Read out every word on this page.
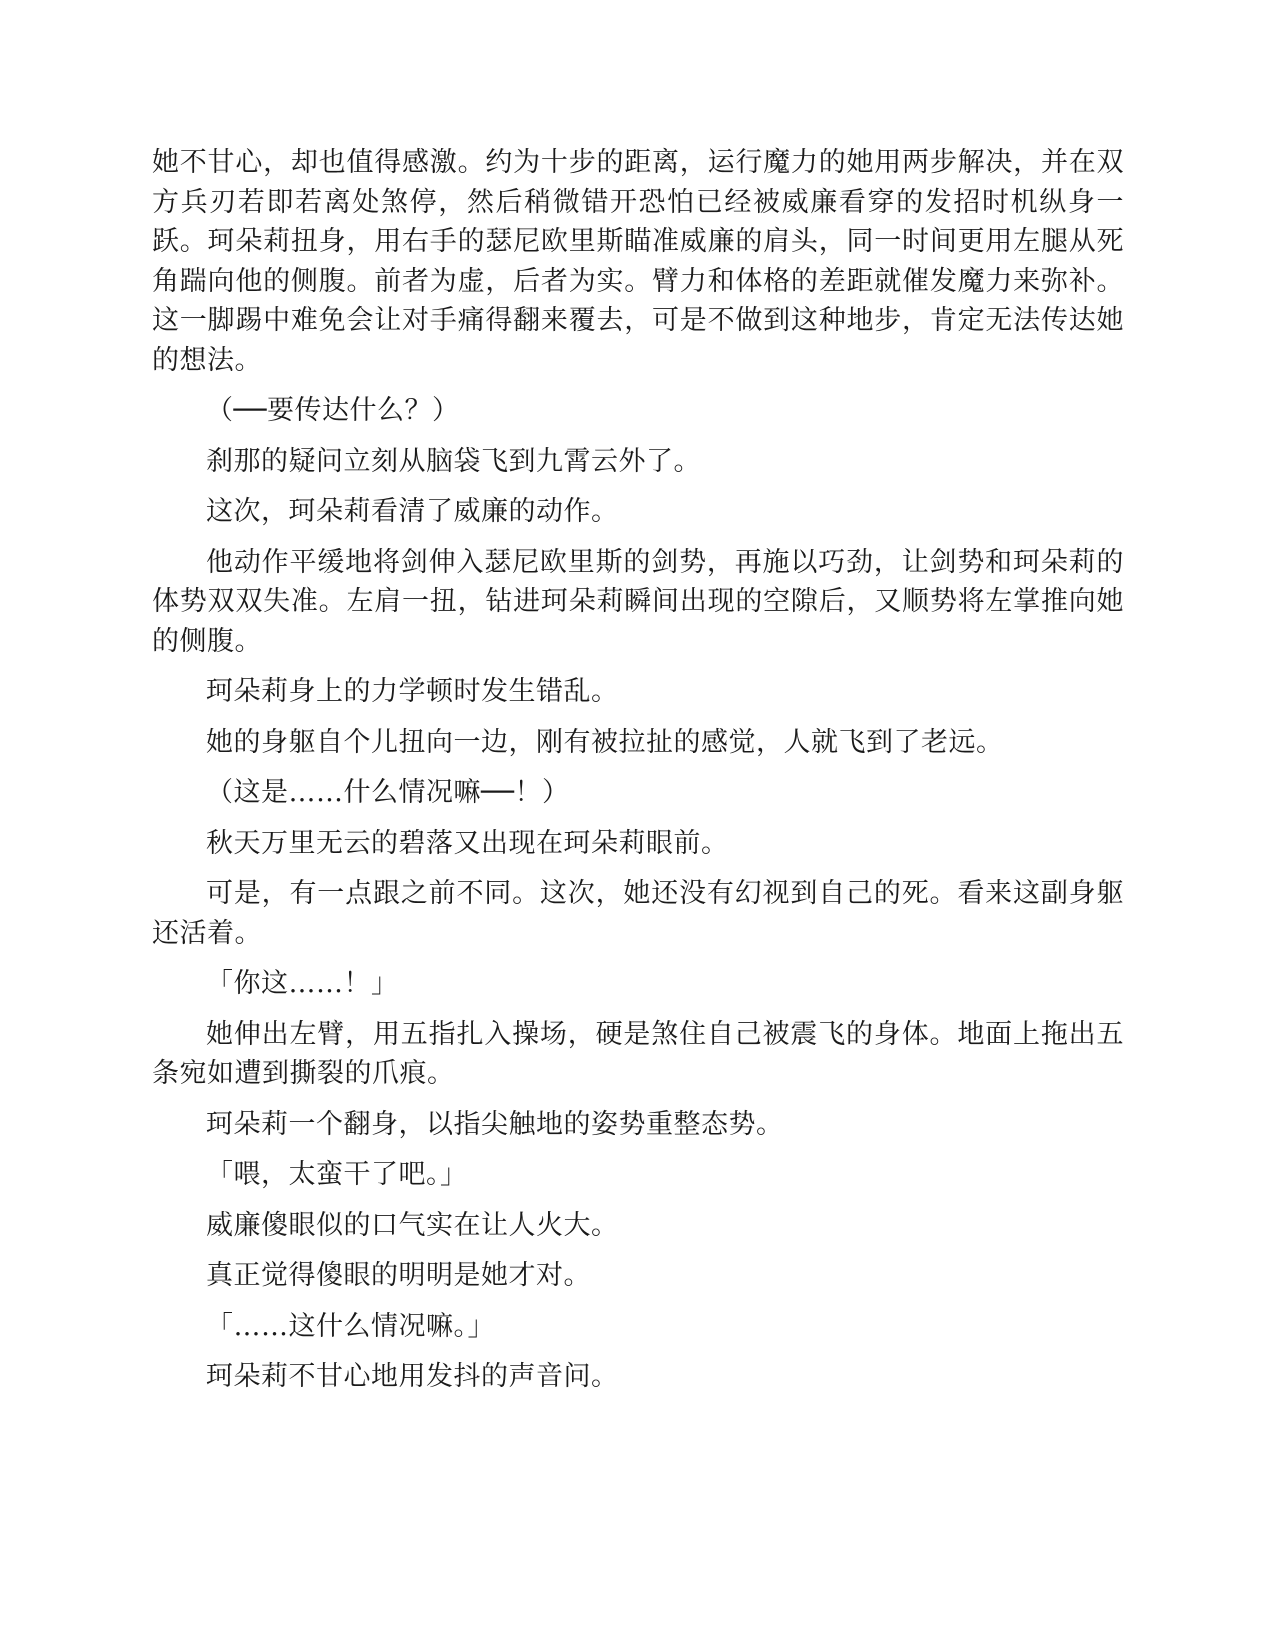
她不甘心，却也值得感激。约为十步的距离，运行魔力的她用两步解决，并在双方兵刃若即若离处煞停，然后稍微错开恐怕已经被威廉看穿的发招时机纵身一跃。珂朵莉扭身，用右手的瑟尼欧里斯瞄准威廉的肩头，同一时间更用左腿从死角踹向他的侧腹。前者为虚，后者为实。臂力和体格的差距就催发魔力来弥补。这一脚踢中难免会让对手痛得翻来覆去，可是不做到这种地步，肯定无法传达她的想法。

（──要传达什么？）

刹那的疑问立刻从脑袋飞到九霄云外了。

这次，珂朵莉看清了威廉的动作。

他动作平缓地将剑伸入瑟尼欧里斯的剑势，再施以巧劲，让剑势和珂朵莉的体势双双失准。左肩一扭，钻进珂朵莉瞬间出现的空隙后，又顺势将左掌推向她的侧腹。

珂朵莉身上的力学顿时发生错乱。

她的身躯自个儿扭向一边，刚有被拉扯的感觉，人就飞到了老远。

（这是……什么情况嘛──！）

秋天万里无云的碧落又出现在珂朵莉眼前。

可是，有一点跟之前不同。这次，她还没有幻视到自己的死。看来这副身躯还活着。

「你这……！」

她伸出左臂，用五指扎入操场，硬是煞住自己被震飞的身体。地面上拖出五条宛如遭到撕裂的爪痕。

珂朵莉一个翻身，以指尖触地的姿势重整态势。

「喂，太蛮干了吧。」

威廉傻眼似的口气实在让人火大。

真正觉得傻眼的明明是她才对。

「……这什么情况嘛。」

珂朵莉不甘心地用发抖的声音问。
